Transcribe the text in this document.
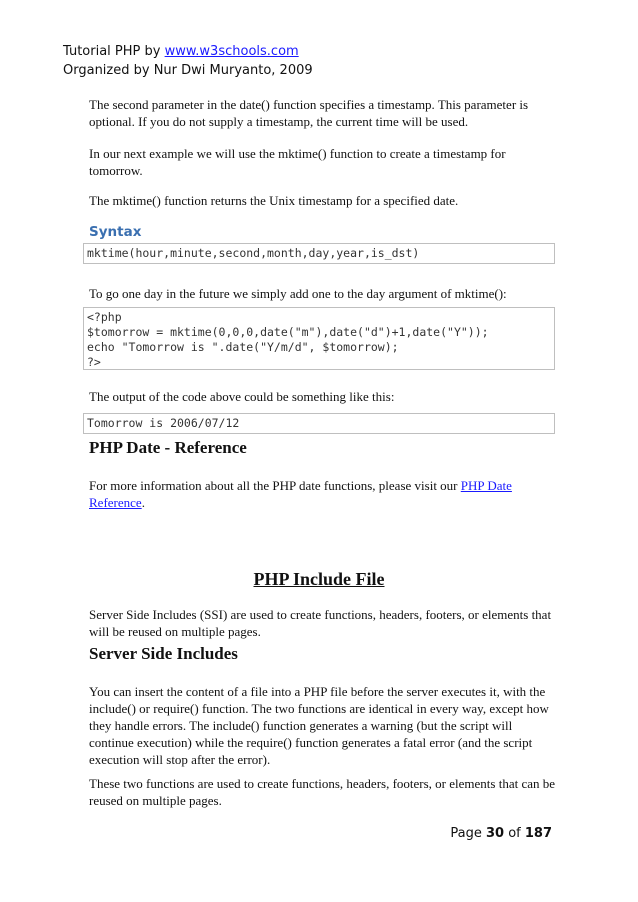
Tutorial PHP by www.w3schools.com
Organized by Nur Dwi Muryanto, 2009
The second parameter in the date() function specifies a timestamp. This parameter is optional. If you do not supply a timestamp, the current time will be used.
In our next example we will use the mktime() function to create a timestamp for tomorrow.
The mktime() function returns the Unix timestamp for a specified date.
Syntax
mktime(hour,minute,second,month,day,year,is_dst)
To go one day in the future we simply add one to the day argument of mktime():
<?php
$tomorrow = mktime(0,0,0,date("m"),date("d")+1,date("Y"));
echo "Tomorrow is ".date("Y/m/d", $tomorrow);
?>
The output of the code above could be something like this:
Tomorrow is 2006/07/12
PHP Date - Reference
For more information about all the PHP date functions, please visit our PHP Date Reference.
PHP Include File
Server Side Includes (SSI) are used to create functions, headers, footers, or elements that will be reused on multiple pages.
Server Side Includes
You can insert the content of a file into a PHP file before the server executes it, with the include() or require() function. The two functions are identical in every way, except how they handle errors. The include() function generates a warning (but the script will continue execution) while the require() function generates a fatal error (and the script execution will stop after the error).
These two functions are used to create functions, headers, footers, or elements that can be reused on multiple pages.
Page 30 of 187
